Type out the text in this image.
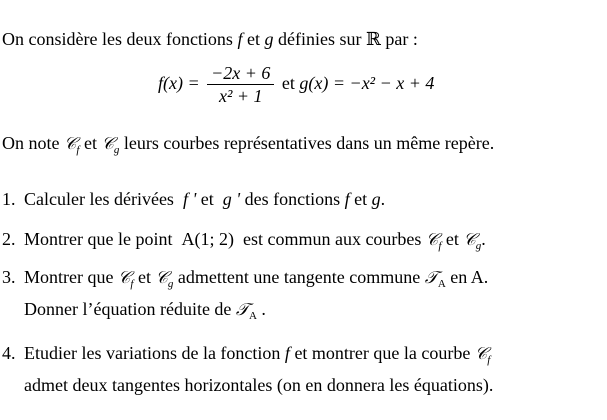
On considère les deux fonctions f et g définies sur ℝ par :
$f(x) = \frac{-2x + 6}{\text{x² + 1}}$ et g(x) = −x² − x + 4
On note 𝒞$_f$ et 𝒞$_g$ leurs courbes représentatives dans un même repère.
1. Calculer les dérivées  f ' et  g ' des fonctions f et g.
2. Montrer que le point  A(1; 2)  est commun aux courbes 𝒞$_f$ et 𝒞$_g$.
3. Montrer que 𝒞$_f$ et 𝒞$_g$ admettent une tangente commune 𝒯$_A$ en A.
Donner l’équation réduite de 𝒯$_A$ .
4. Etudier les variations de la fonction f et montrer que la courbe 𝒞$_f$
admet deux tangentes horizontales (on en donnera les équations).
